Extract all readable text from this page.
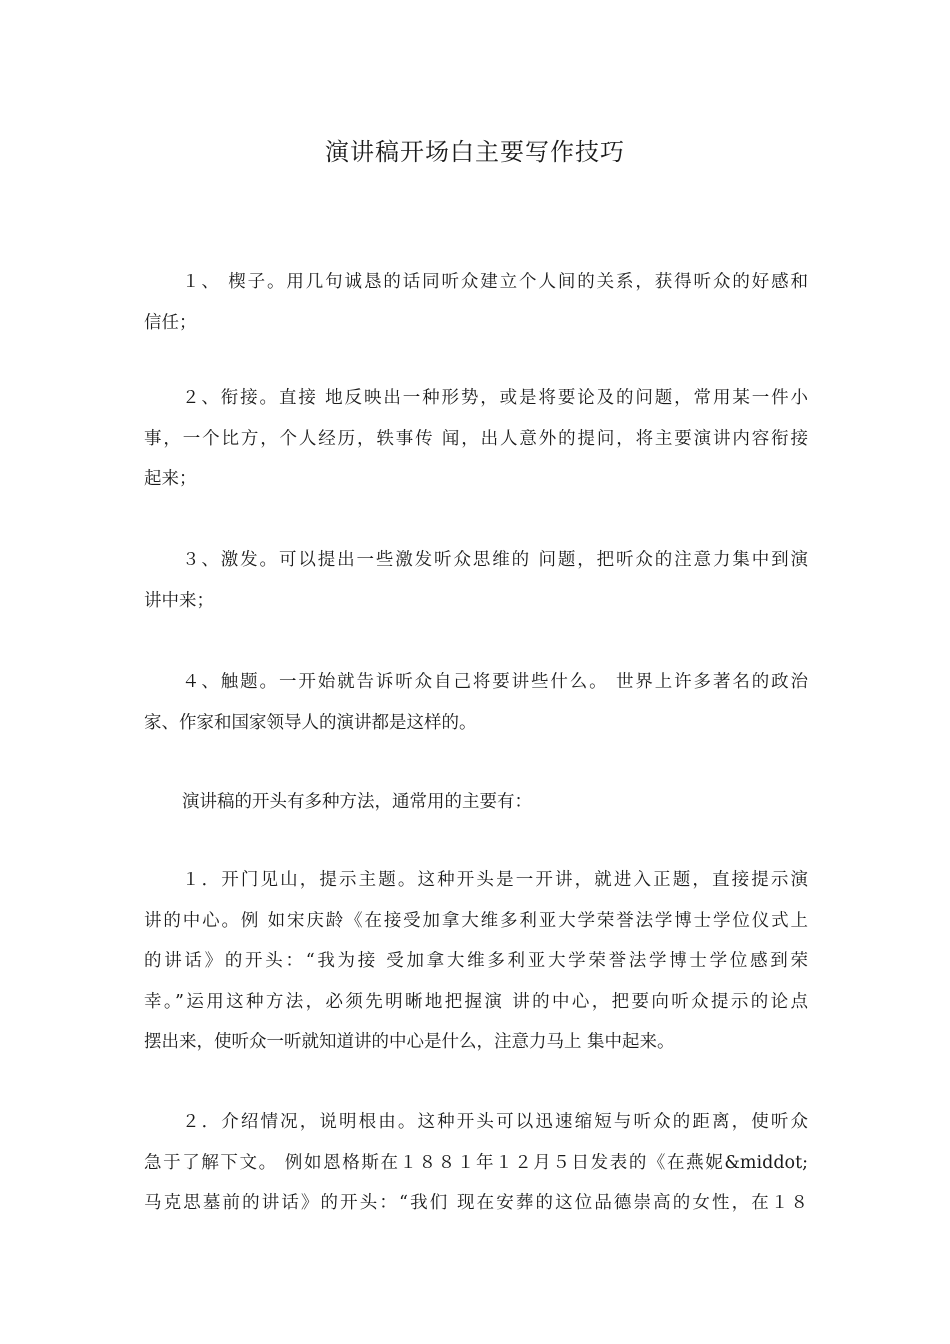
演讲稿开场白主要写作技巧
１、 楔子。用几句诚恳的话同听众建立个人间的关系，获得听众的好感和
信任；
２、衔接。直接 地反映出一种形势，或是将要论及的问题，常用某一件小
事，一个比方，个人经历，轶事传 闻，出人意外的提问，将主要演讲内容衔接
起来；
３、激发。可以提出一些激发听众思维的 问题，把听众的注意力集中到演
讲中来；
４、触题。一开始就告诉听众自己将要讲些什么。 世界上许多著名的政治
家、作家和国家领导人的演讲都是这样的。
演讲稿的开头有多种方法，通常用的主要有：
１．开门见山，提示主题。这种开头是一开讲，就进入正题，直接提示演
讲的中心。例 如宋庆龄《在接受加拿大维多利亚大学荣誉法学博士学位仪式上
的讲话》的开头：“我为接 受加拿大维多利亚大学荣誉法学博士学位感到荣
幸。”运用这种方法，必须先明晰地把握演 讲的中心，把要向听众提示的论点
摆出来，使听众一听就知道讲的中心是什么，注意力马上 集中起来。
２．介绍情况，说明根由。这种开头可以迅速缩短与听众的距离，使听众
急于了解下文。 例如恩格斯在１８８１年１２月５日发表的《在燕妮&middot;
马克思墓前的讲话》的开头：“我们 现在安葬的这位品德崇高的女性，在１８
